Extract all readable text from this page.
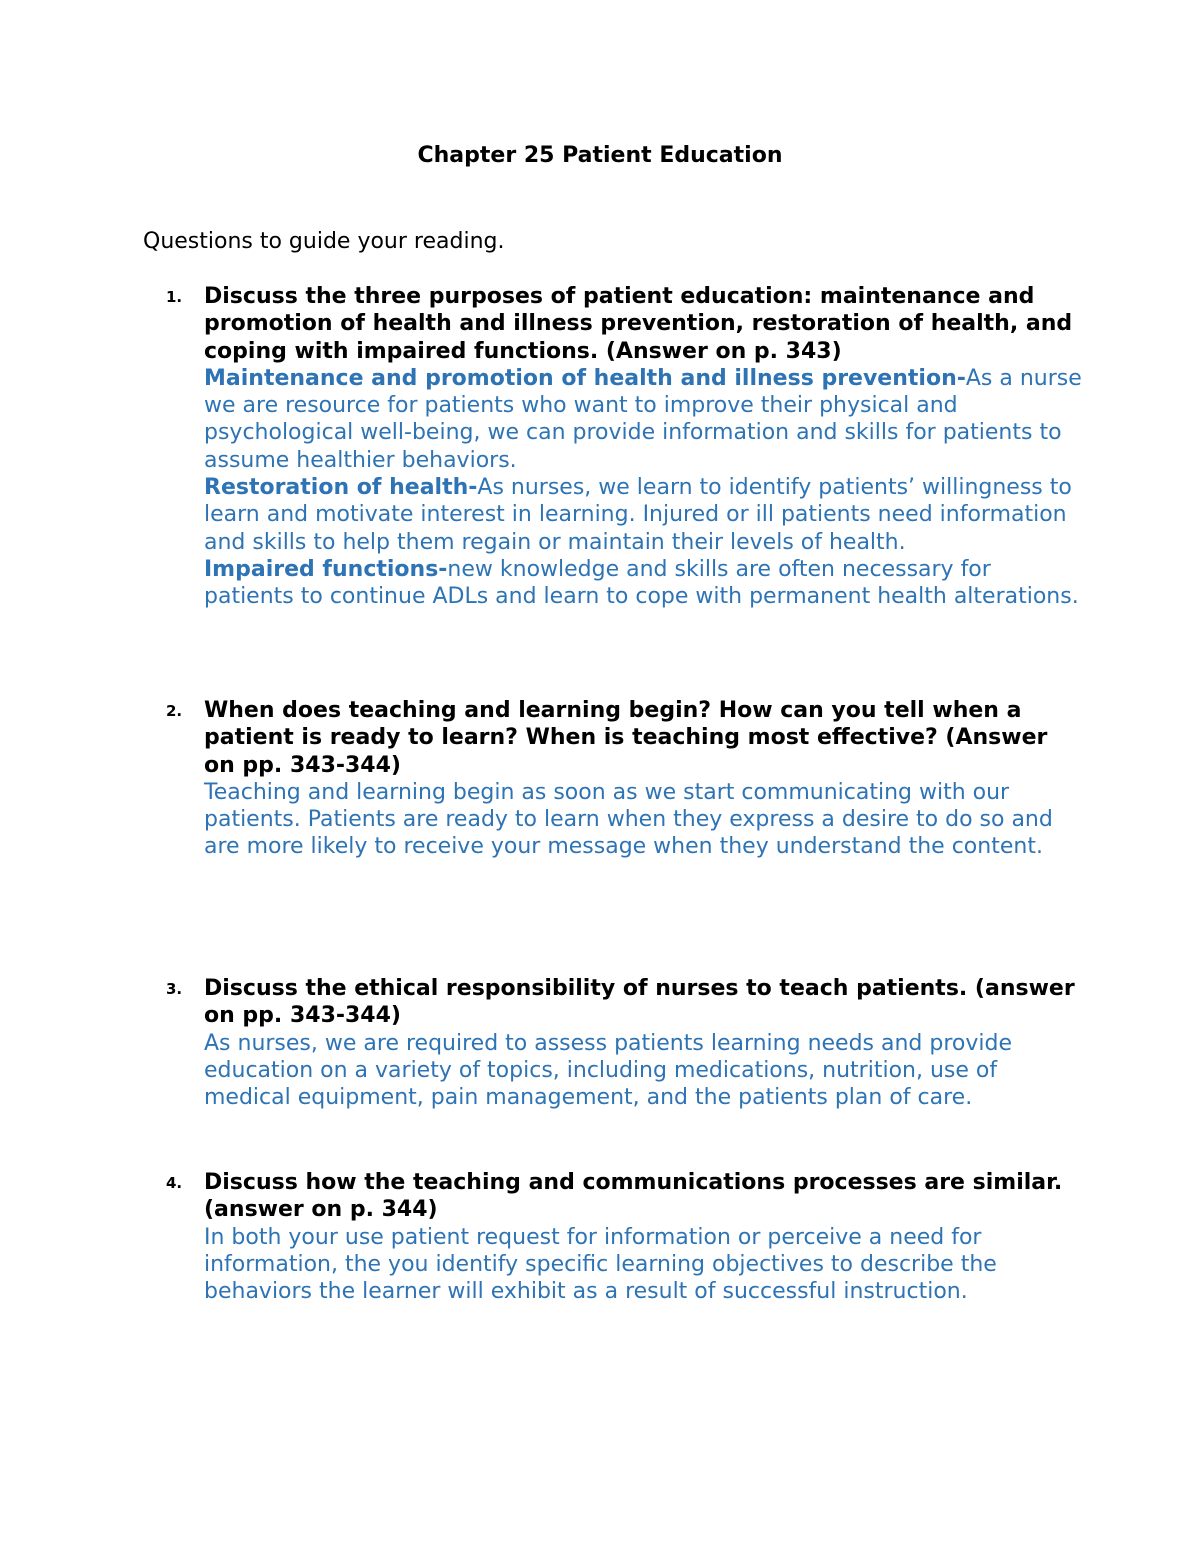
Chapter 25 Patient Education

Questions to guide your reading.

1. Discuss the three purposes of patient education: maintenance and promotion of health and illness prevention, restoration of health, and coping with impaired functions. (Answer on p. 343)

Maintenance and promotion of health and illness prevention-As a nurse we are resource for patients who want to improve their physical and psychological well-being, we can provide information and skills for patients to assume healthier behaviors.

Restoration of health-As nurses, we learn to identify patients’ willingness to learn and motivate interest in learning. Injured or ill patients need information and skills to help them regain or maintain their levels of health.

Impaired functions-new knowledge and skills are often necessary for patients to continue ADLs and learn to cope with permanent health alterations.

2. When does teaching and learning begin? How can you tell when a patient is ready to learn? When is teaching most effective? (Answer on pp. 343-344)

Teaching and learning begin as soon as we start communicating with our patients. Patients are ready to learn when they express a desire to do so and are more likely to receive your message when they understand the content.

3. Discuss the ethical responsibility of nurses to teach patients. (answer on pp. 343-344)

As nurses, we are required to assess patients learning needs and provide education on a variety of topics, including medications, nutrition, use of medical equipment, pain management, and the patients plan of care.

4. Discuss how the teaching and communications processes are similar. (answer on p. 344)

In both your use patient request for information or perceive a need for information, the you identify specific learning objectives to describe the behaviors the learner will exhibit as a result of successful instruction.
